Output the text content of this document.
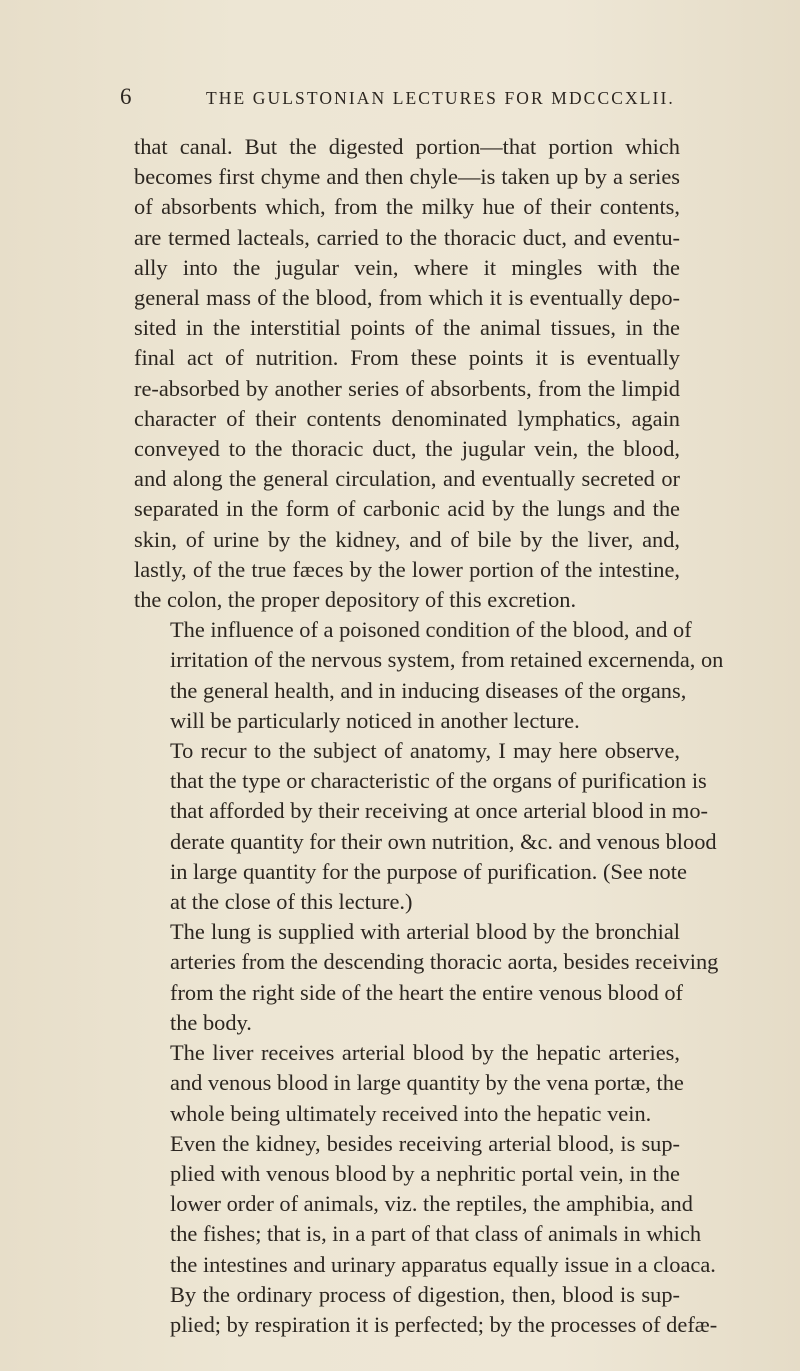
6	THE GULSTONIAN LECTURES FOR MDCCCXLII.

that canal. But the digested portion—that portion which
becomes first chyme and then chyle—is taken up by a series
of absorbents which, from the milky hue of their contents,
are termed lacteals, carried to the thoracic duct, and eventu-
ally into the jugular vein, where it mingles with the
general mass of the blood, from which it is eventually depo-
sited in the interstitial points of the animal tissues, in the
final act of nutrition. From these points it is eventually
re-absorbed by another series of absorbents, from the limpid
character of their contents denominated lymphatics, again
conveyed to the thoracic duct, the jugular vein, the blood,
and along the general circulation, and eventually secreted or
separated in the form of carbonic acid by the lungs and the
skin, of urine by the kidney, and of bile by the liver, and,
lastly, of the true fæces by the lower portion of the intestine,
the colon, the proper depository of this excretion.

The influence of a poisoned condition of the blood, and of
irritation of the nervous system, from retained excernenda, on
the general health, and in inducing diseases of the organs,
will be particularly noticed in another lecture.

To recur to the subject of anatomy, I may here observe,
that the type or characteristic of the organs of purification is
that afforded by their receiving at once arterial blood in mo-
derate quantity for their own nutrition, &c. and venous blood
in large quantity for the purpose of purification. (See note
at the close of this lecture.)

The lung is supplied with arterial blood by the bronchial
arteries from the descending thoracic aorta, besides receiving
from the right side of the heart the entire venous blood of
the body.

The liver receives arterial blood by the hepatic arteries,
and venous blood in large quantity by the vena portæ, the
whole being ultimately received into the hepatic vein.

Even the kidney, besides receiving arterial blood, is sup-
plied with venous blood by a nephritic portal vein, in the
lower order of animals, viz. the reptiles, the amphibia, and
the fishes; that is, in a part of that class of animals in which
the intestines and urinary apparatus equally issue in a cloaca.

By the ordinary process of digestion, then, blood is sup-
plied; by respiration it is perfected; by the processes of defæ-
